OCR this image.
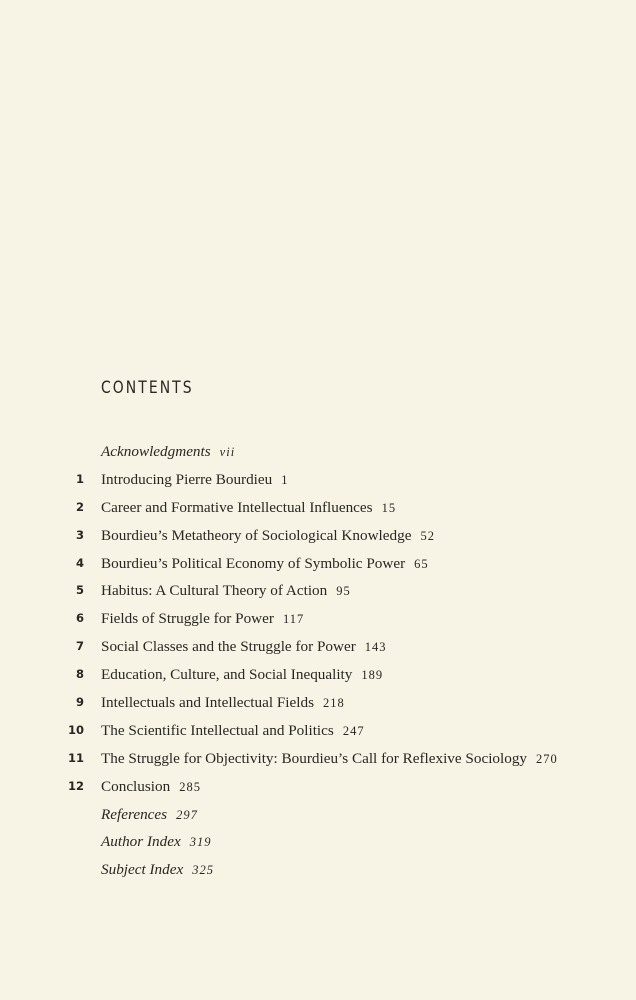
CONTENTS
Acknowledgments vii
1 Introducing Pierre Bourdieu 1
2 Career and Formative Intellectual Influences 15
3 Bourdieu’s Metatheory of Sociological Knowledge 52
4 Bourdieu’s Political Economy of Symbolic Power 65
5 Habitus: A Cultural Theory of Action 95
6 Fields of Struggle for Power 117
7 Social Classes and the Struggle for Power 143
8 Education, Culture, and Social Inequality 189
9 Intellectuals and Intellectual Fields 218
10 The Scientific Intellectual and Politics 247
11 The Struggle for Objectivity: Bourdieu’s Call for Reflexive Sociology 270
12 Conclusion 285
References 297
Author Index 319
Subject Index 325
